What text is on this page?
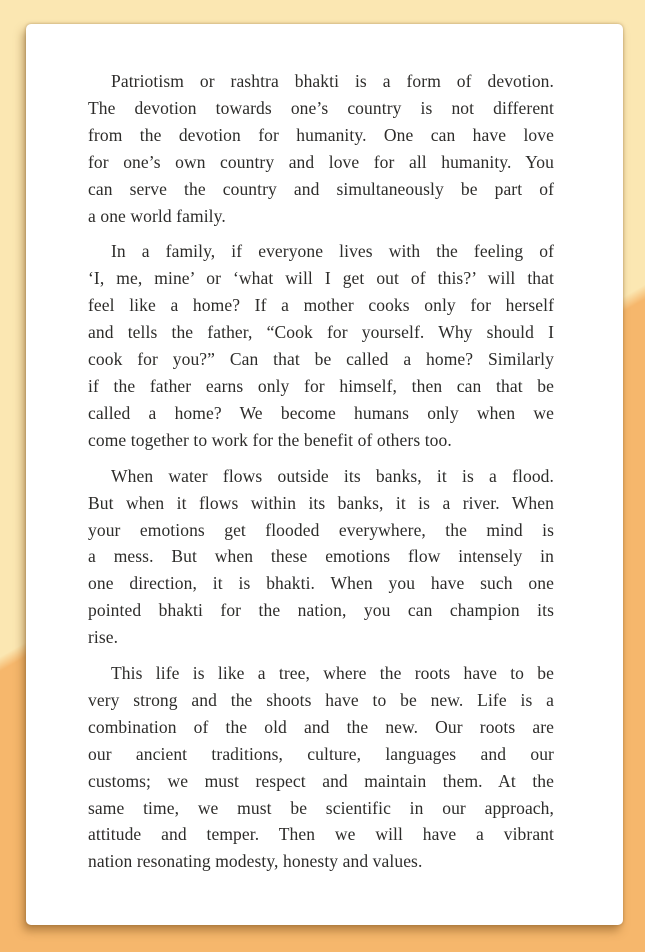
Patriotism or rashtra bhakti is a form of devotion.
The devotion towards one’s country is not different
from the devotion for humanity. One can have love
for one’s own country and love for all humanity. You
can serve the country and simultaneously be part of
a one world family.

In a family, if everyone lives with the feeling of
‘I, me, mine’ or ‘what will I get out of this?’ will that
feel like a home? If a mother cooks only for herself
and tells the father, “Cook for yourself. Why should I
cook for you?” Can that be called a home? Similarly
if the father earns only for himself, then can that be
called a home? We become humans only when we
come together to work for the benefit of others too.

When water flows outside its banks, it is a flood.
But when it flows within its banks, it is a river. When
your emotions get flooded everywhere, the mind is
a mess. But when these emotions flow intensely in
one direction, it is bhakti. When you have such one
pointed bhakti for the nation, you can champion its
rise.

This life is like a tree, where the roots have to be
very strong and the shoots have to be new. Life is a
combination of the old and the new. Our roots are
our ancient traditions, culture, languages and our
customs; we must respect and maintain them. At the
same time, we must be scientific in our approach,
attitude and temper. Then we will have a vibrant
nation resonating modesty, honesty and values.
